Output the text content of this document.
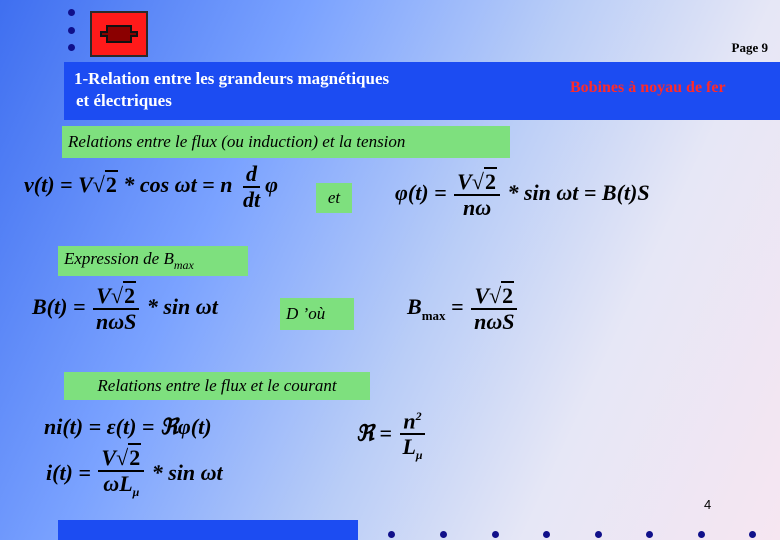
Page 9
1-Relation entre les grandeurs magnétiques
et électriques
Bobines à noyau de fer
Relations entre le flux (ou induction) et la tension
v(t) = V√2 * cos ωt = n $\frac{d}{dt}$ φ
et $\varphi(t) = \frac{V√2}{n\omega} * \sin \omega t = B(t)S$
Expression de $B_{max}$
$B(t) = \frac{V√2}{\text{nωS}} * \sin \omega t$	D ’où	$B_{max} = \frac{V√2}{\text{nωS}}$
Relations entre le flux et le courant
ni(t) = ε(t) = ℜφ(t)	ℜ = $\frac{n^2}{L_\mu}$
$i(t) = \frac{V√2}{\omega L_\mu} * \sin \omega t$
4
